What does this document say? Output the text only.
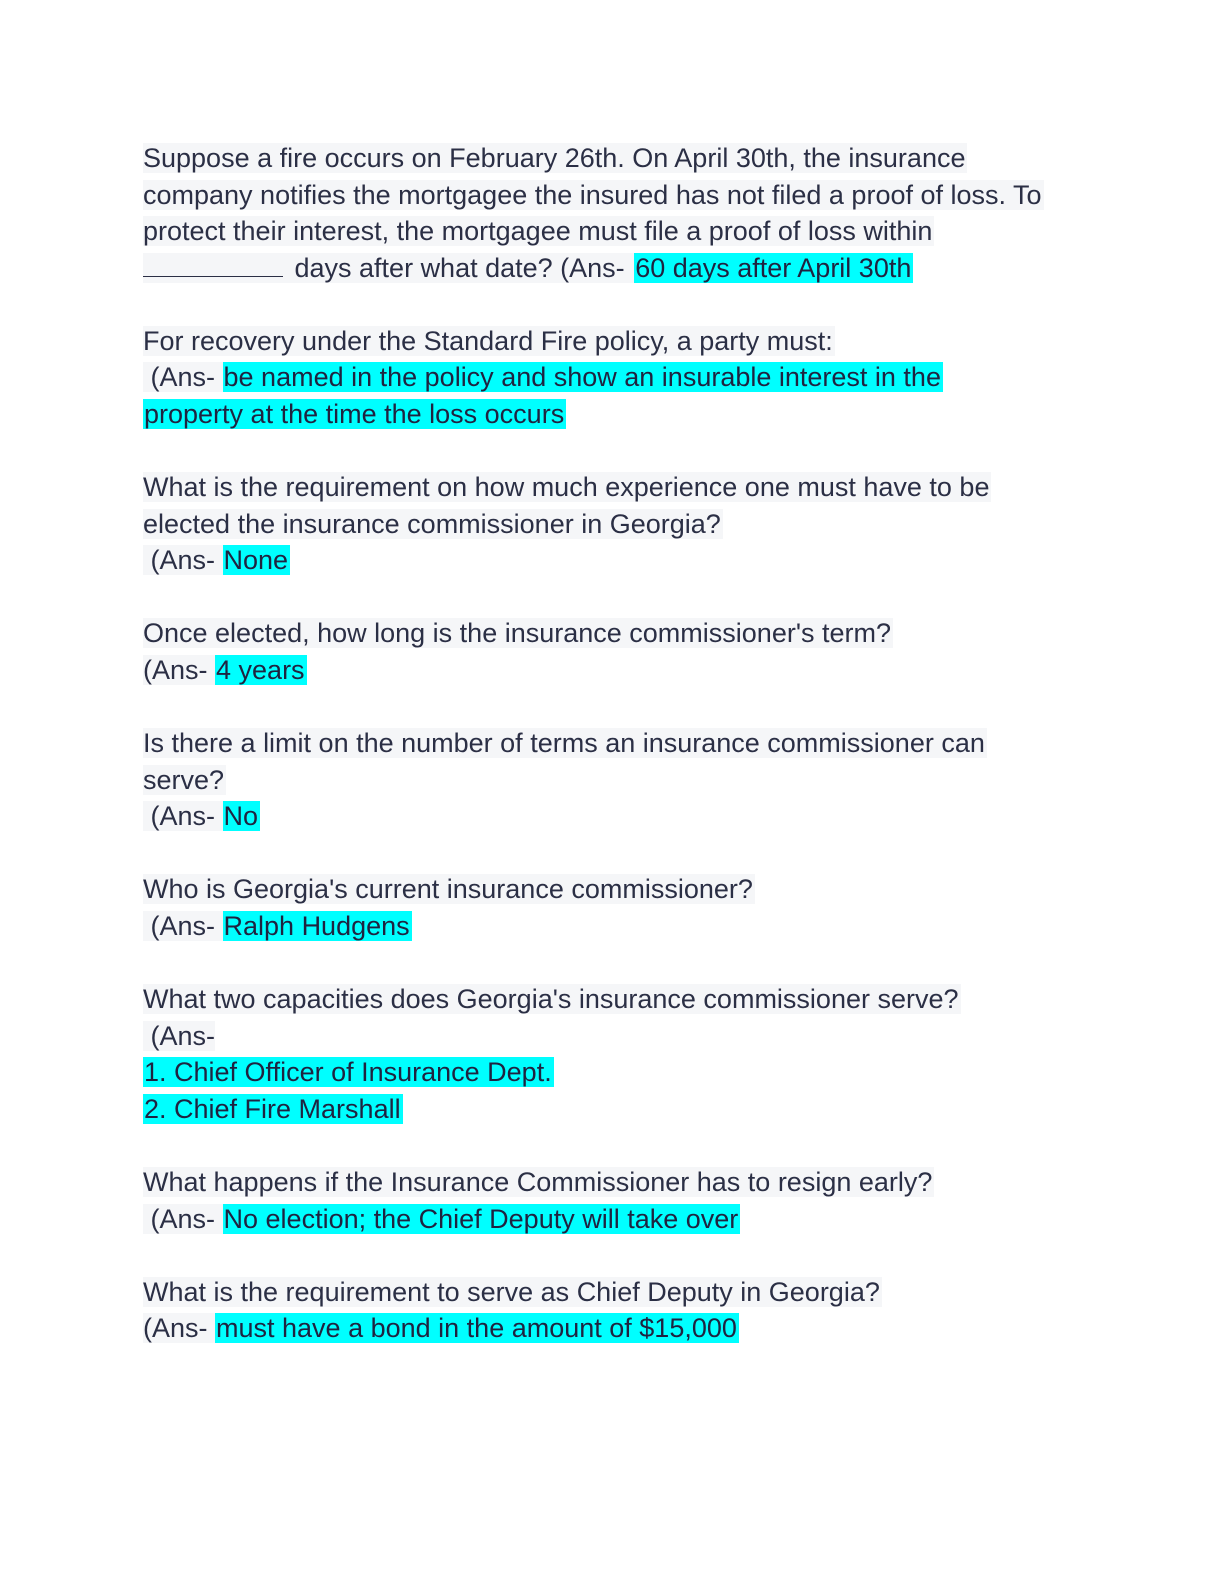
Suppose a fire occurs on February 26th. On April 30th, the insurance
company notifies the mortgagee the insured has not filed a proof of loss. To
protect their interest, the mortgagee must file a proof of loss within
days after what date? (Ans- 60 days after April 30th
For recovery under the Standard Fire policy, a party must:
(Ans- be named in the policy and show an insurable interest in the
property at the time the loss occurs
What is the requirement on how much experience one must have to be
elected the insurance commissioner in Georgia?
(Ans- None
Once elected, how long is the insurance commissioner's term?
(Ans- 4 years
Is there a limit on the number of terms an insurance commissioner can
serve?
(Ans- No
Who is Georgia's current insurance commissioner?
(Ans- Ralph Hudgens
What two capacities does Georgia's insurance commissioner serve?
(Ans-
1. Chief Officer of Insurance Dept.
2. Chief Fire Marshall
What happens if the Insurance Commissioner has to resign early?
(Ans- No election; the Chief Deputy will take over
What is the requirement to serve as Chief Deputy in Georgia?
(Ans- must have a bond in the amount of $15,000
